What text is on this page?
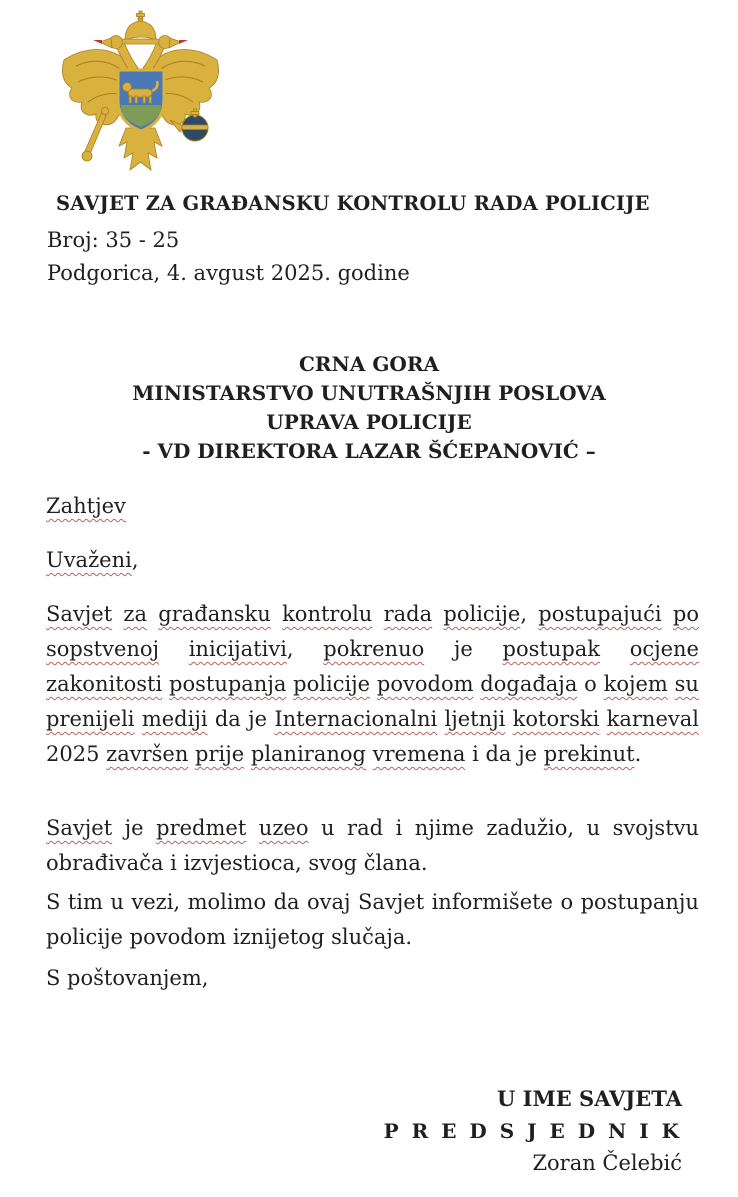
SAVJET ZA GRAĐANSKU KONTROLU RADA POLICIJE
Broj: 35 - 25
Podgorica, 4. avgust 2025. godine
CRNA GORA
MINISTARSTVO UNUTRAŠNJIH POSLOVA
UPRAVA POLICIJE
- VD DIREKTORA LAZAR ŠĆEPANOVIĆ –
Zahtjev
Uvaženi,
Savjet za građansku kontrolu rada policije, postupajući po sopstvenoj inicijativi, pokrenuo je postupak ocjene zakonitosti postupanja policije povodom događaja o kojem su prenijeli mediji da je Internacionalni ljetnji kotorski karneval 2025 završen prije planiranog vremena i da je prekinut.
Savjet je predmet uzeo u rad i njime zadužio, u svojstvu obrađivača i izvjestioca, svog člana.
S tim u vezi, molimo da ovaj Savjet informišete o postupanju policije povodom iznijetog slučaja.
S poštovanjem,
U IME SAVJETA
P R E D S J E D N I K
Zoran Čelebić
